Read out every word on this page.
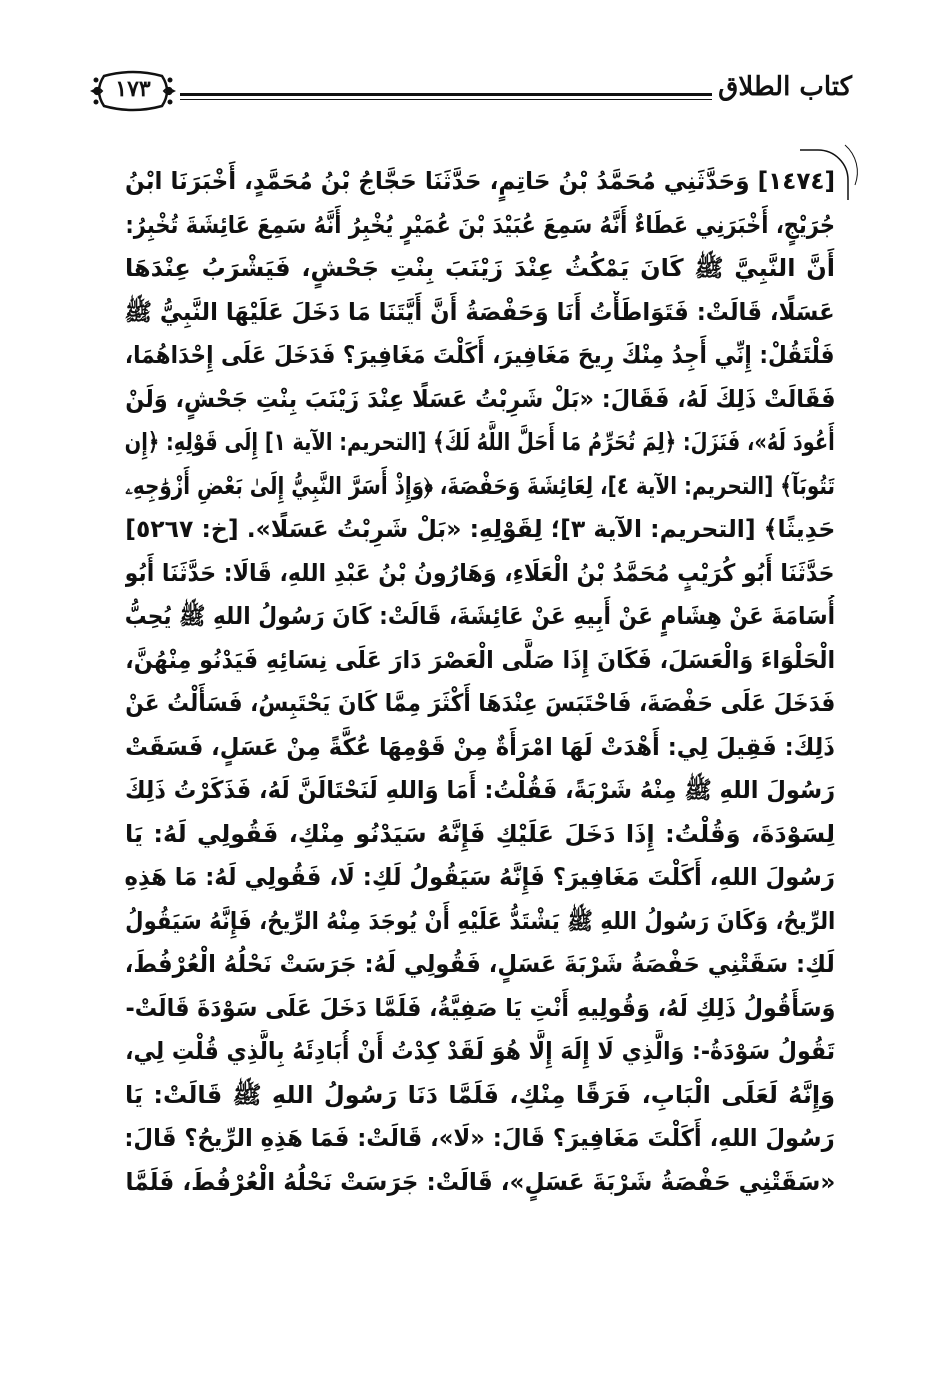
كتاب الطلاق
١٧٣
[١٤٧٤] وَحَدَّثَنِي مُحَمَّدُ بْنُ حَاتِمٍ، حَدَّثَنَا حَجَّاجُ بْنُ مُحَمَّدٍ، أَخْبَرَنَا ابْنُ
جُرَيْجٍ، أَخْبَرَنِي عَطَاءٌ أَنَّهُ سَمِعَ عُبَيْدَ بْنَ عُمَيْرٍ يُخْبِرُ أَنَّهُ سَمِعَ عَائِشَةَ تُخْبِرُ:
أَنَّ النَّبِيَّ ﷺ كَانَ يَمْكُثُ عِنْدَ زَيْنَبَ بِنْتِ جَحْشٍ، فَيَشْرَبُ عِنْدَهَا
عَسَلًا، قَالَتْ: فَتَوَاطَأْتُ أَنَا وَحَفْصَةُ أَنَّ أَيَّتَنَا مَا دَخَلَ عَلَيْهَا النَّبِيُّ ﷺ
فَلْتَقُلْ: إِنِّي أَجِدُ مِنْكَ رِيحَ مَغَافِيرَ، أَكَلْتَ مَغَافِيرَ؟ فَدَخَلَ عَلَى إِحْدَاهُمَا،
فَقَالَتْ ذَلِكَ لَهُ، فَقَالَ: «بَلْ شَرِبْتُ عَسَلًا عِنْدَ زَيْنَبَ بِنْتِ جَحْشٍ، وَلَنْ
أَعُودَ لَهُ»، فَنَزَلَ: ﴿لِمَ تُحَرِّمُ مَا أَحَلَّ اللَّهُ لَكَ﴾ [التحريم: الآية ١] إِلَى قَوْلِهِ: ﴿إِن
تَتُوبَآ﴾ [التحريم: الآية ٤]، لِعَائِشَةَ وَحَفْصَةَ، ﴿وَإِذْ أَسَرَّ النَّبِيُّ إِلَىٰ بَعْضِ أَزْوَٰجِهِۦ
حَدِيثًا﴾ [التحريم: الآية ٣]؛ لِقَوْلِهِ: «بَلْ شَرِبْتُ عَسَلًا». [خ: ٥٢٦٧]
حَدَّثَنَا أَبُو كُرَيْبٍ مُحَمَّدُ بْنُ الْعَلَاءِ، وَهَارُونُ بْنُ عَبْدِ اللهِ، قَالَا: حَدَّثَنَا أَبُو
أُسَامَةَ عَنْ هِشَامٍ عَنْ أَبِيهِ عَنْ عَائِشَةَ، قَالَتْ: كَانَ رَسُولُ اللهِ ﷺ يُحِبُّ
الْحَلْوَاءَ وَالْعَسَلَ، فَكَانَ إِذَا صَلَّى الْعَصْرَ دَارَ عَلَى نِسَائِهِ فَيَدْنُو مِنْهُنَّ،
فَدَخَلَ عَلَى حَفْصَةَ، فَاحْتَبَسَ عِنْدَهَا أَكْثَرَ مِمَّا كَانَ يَحْتَبِسُ، فَسَأَلْتُ عَنْ
ذَلِكَ: فَقِيلَ لِي: أَهْدَتْ لَهَا امْرَأَةٌ مِنْ قَوْمِهَا عُكَّةً مِنْ عَسَلٍ، فَسَقَتْ
رَسُولَ اللهِ ﷺ مِنْهُ شَرْبَةً، فَقُلْتُ: أَمَا وَاللهِ لَنَحْتَالَنَّ لَهُ، فَذَكَرْتُ ذَلِكَ
لِسَوْدَةَ، وَقُلْتُ: إِذَا دَخَلَ عَلَيْكِ فَإِنَّهُ سَيَدْنُو مِنْكِ، فَقُولِي لَهُ: يَا
رَسُولَ اللهِ، أَكَلْتَ مَغَافِيرَ؟ فَإِنَّهُ سَيَقُولُ لَكِ: لَا، فَقُولِي لَهُ: مَا هَذِهِ
الرِّيحُ، وَكَانَ رَسُولُ اللهِ ﷺ يَشْتَدُّ عَلَيْهِ أَنْ يُوجَدَ مِنْهُ الرِّيحُ، فَإِنَّهُ سَيَقُولُ
لَكِ: سَقَتْنِي حَفْصَةُ شَرْبَةَ عَسَلٍ، فَقُولِي لَهُ: جَرَسَتْ نَحْلُهُ الْعُرْفُطَ،
وَسَأَقُولُ ذَلِكِ لَهُ، وَقُولِيهِ أَنْتِ يَا صَفِيَّةُ، فَلَمَّا دَخَلَ عَلَى سَوْدَةَ قَالَتْ-
تَقُولُ سَوْدَةُ-: وَالَّذِي لَا إِلَهَ إِلَّا هُوَ لَقَدْ كِدْتُ أَنْ أُبَادِئَهُ بِالَّذِي قُلْتِ لِي،
وَإِنَّهُ لَعَلَى الْبَابِ، فَرَقًا مِنْكِ، فَلَمَّا دَنَا رَسُولُ اللهِ ﷺ قَالَتْ: يَا
رَسُولَ اللهِ، أَكَلْتَ مَغَافِيرَ؟ قَالَ: «لَا»، قَالَتْ: فَمَا هَذِهِ الرِّيحُ؟ قَالَ:
«سَقَتْنِي حَفْصَةُ شَرْبَةَ عَسَلٍ»، قَالَتْ: جَرَسَتْ نَحْلُهُ الْعُرْفُطَ، فَلَمَّا
